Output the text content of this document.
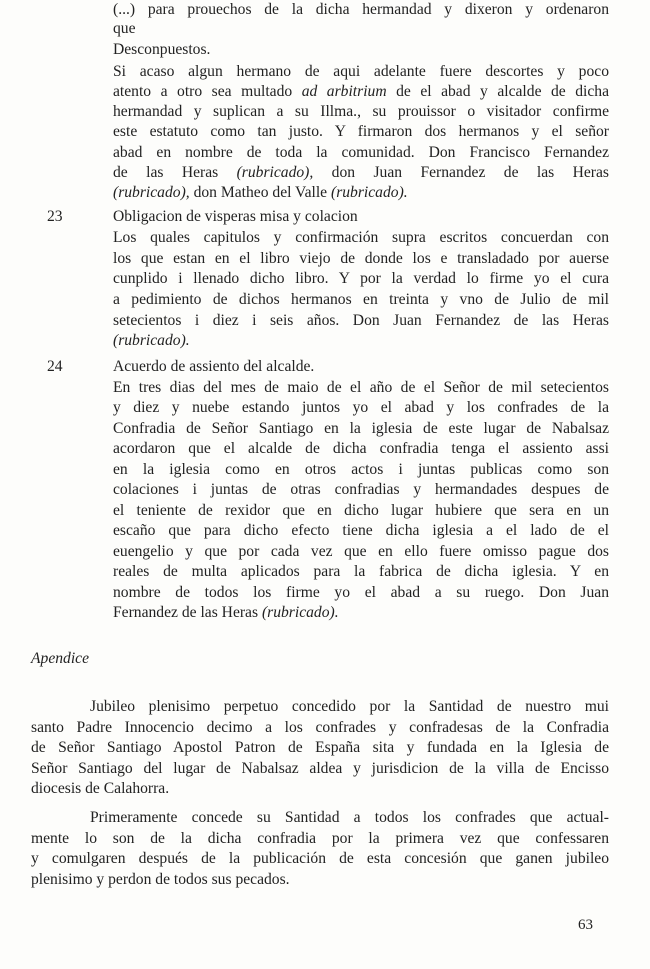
(...) para prouechos de la dicha hermandad y dixeron y ordenaron
que
Desconpuestos.
Si acaso algun hermano de aqui adelante fuere descortes y poco
atento a otro sea multado ad arbitrium de el abad y alcalde de dicha
hermandad y suplican a su Illma., su prouissor o visitador confirme
este estatuto como tan justo. Y firmaron dos hermanos y el señor
abad en nombre de toda la comunidad. Don Francisco Fernandez
de las Heras (rubricado), don Juan Fernandez de las Heras
(rubricado), don Matheo del Valle (rubricado).
23	Obligacion de visperas misa y colacion
Los quales capitulos y confirmación supra escritos concuerdan con
los que estan en el libro viejo de donde los e transladado por auerse
cunplido i llenado dicho libro. Y por la verdad lo firme yo el cura
a pedimiento de dichos hermanos en treinta y vno de Julio de mil
setecientos i diez i seis años. Don Juan Fernandez de las Heras
(rubricado).
24	Acuerdo de assiento del alcalde.
En tres dias del mes de maio de el año de el Señor de mil setecientos
y diez y nuebe estando juntos yo el abad y los confrades de la
Confradia de Señor Santiago en la iglesia de este lugar de Nabalsaz
acordaron que el alcalde de dicha confradia tenga el assiento assi
en la iglesia como en otros actos i juntas publicas como son
colaciones i juntas de otras confradias y hermandades despues de
el teniente de rexidor que en dicho lugar hubiere que sera en un
escaño que para dicho efecto tiene dicha iglesia a el lado de el
euengelio y que por cada vez que en ello fuere omisso pague dos
reales de multa aplicados para la fabrica de dicha iglesia. Y en
nombre de todos los firme yo el abad a su ruego. Don Juan
Fernandez de las Heras (rubricado).
Apendice
Jubileo plenisimo perpetuo concedido por la Santidad de nuestro mui
santo Padre Innocencio decimo a los confrades y confradesas de la Confradia
de Señor Santiago Apostol Patron de España sita y fundada en la Iglesia de
Señor Santiago del lugar de Nabalsaz aldea y jurisdicion de la villa de Encisso
diocesis de Calahorra.
Primeramente concede su Santidad a todos los confrades que actual-
mente lo son de la dicha confradia por la primera vez que confessaren
y comulgaren después de la publicación de esta concesión que ganen jubileo
plenisimo y perdon de todos sus pecados.
63
